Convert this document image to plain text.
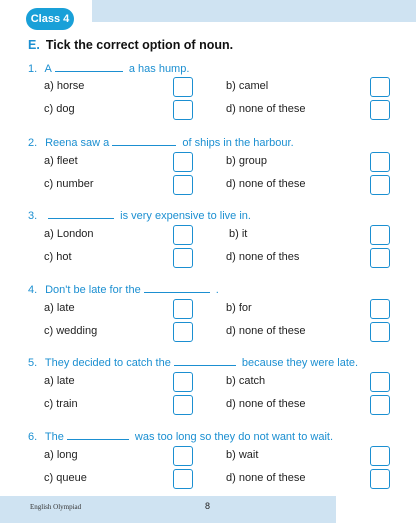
Class 4
E. Tick the correct option of noun.
1. A	a has hump.
a) horse	b) camel
c) dog	d) none of these
2. Reena saw a	of ships in the harbour.
a) fleet	b) group
c) number	d) none of these
3.	is very expensive to live in.
a) London	b) it
c) hot	d) none of thes
4. Don't be late for the	.
a) late	b) for
c) wedding	d) none of these
5. They decided to catch the	because they were late.
a) late	b) catch
c) train	d) none of these
6. The	was too long so they do not want to wait.
a) long	b) wait
c) queue	d) none of these
English Olympiad	8
